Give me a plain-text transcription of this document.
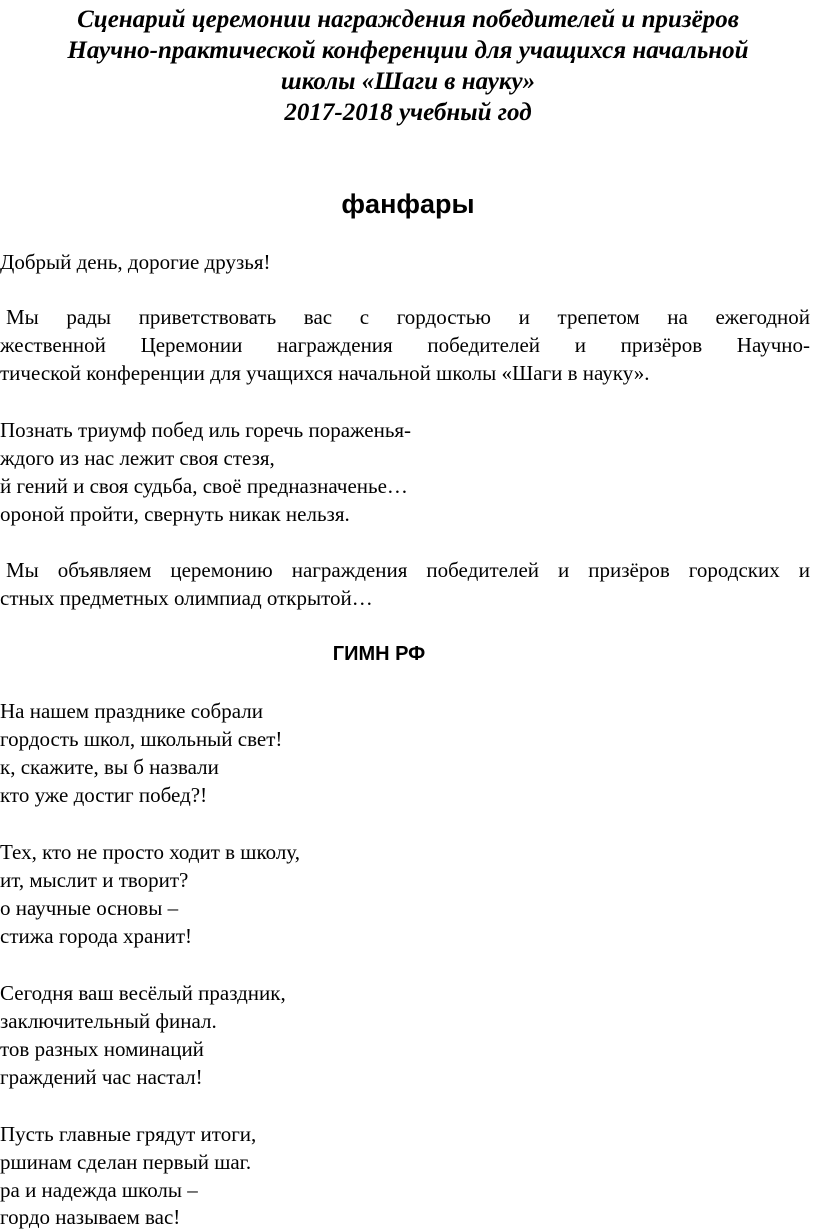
Сценарий церемонии награждения победителей и призёров
Научно-практической конференции для учащихся начальной
школы «Шаги в науку»
2017-2018 учебный год
фанфары
Добрый день, дорогие друзья!
Мы рады приветствовать вас с гордостью и трепетом на ежегодной
жественной Церемонии награждения победителей и призёров Научно-
тической конференции для учащихся начальной школы «Шаги в науку».
Познать триумф побед иль горечь пораженья-
ждого из нас лежит своя стезя,
й гений и своя судьба, своё предназначенье…
ороной пройти, свернуть никак нельзя.
Мы объявляем церемонию награждения победителей и призёров городских и
стных предметных олимпиад открытой…
ГИМН РФ
На нашем празднике собрали
гордость школ, школьный свет!
к, скажите, вы б назвали
кто уже достиг побед?!
Тех, кто не просто ходит в школу,
ит, мыслит и творит?
о научные основы –
стижа города хранит!
Сегодня ваш весёлый праздник,
заключительный финал.
тов разных номинаций
граждений час настал!
Пусть главные грядут итоги,
ршинам сделан первый шаг.
ра и надежда школы –
гордо называем вас!
